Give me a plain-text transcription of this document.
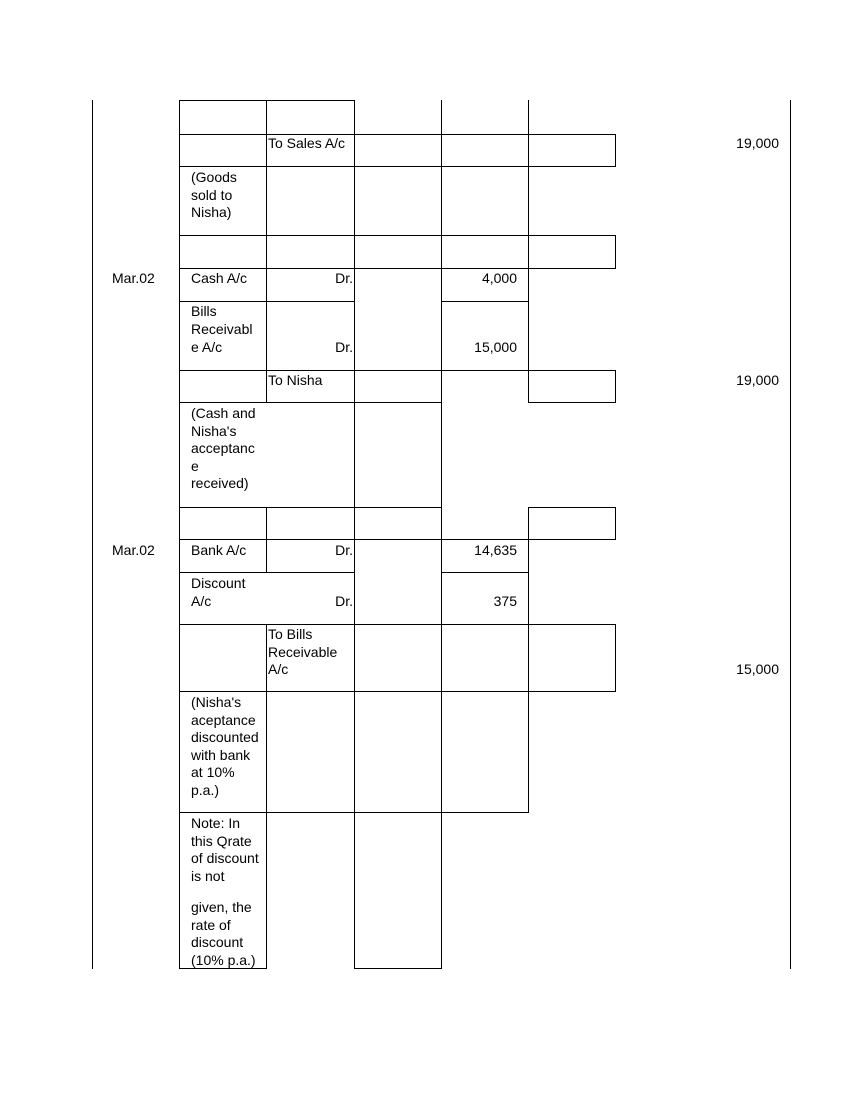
To Sales A/c	19,000
(Goods
sold to
Nisha)
Mar.02	Cash A/c	Dr.	4,000
Bills
Receivabl
e A/c	Dr.	15,000
To Nisha	19,000
(Cash and
Nisha's
acceptanc
e
received)
Mar.02	Bank A/c	Dr.	14,635
Discount
A/c	Dr.	375
To Bills
Receivable
A/c	15,000
(Nisha's
aceptance
discounted
with bank
at 10%
p.a.)
Note: In
this Qrate
of discount
is not
given, the
rate of
discount
(10% p.a.)
